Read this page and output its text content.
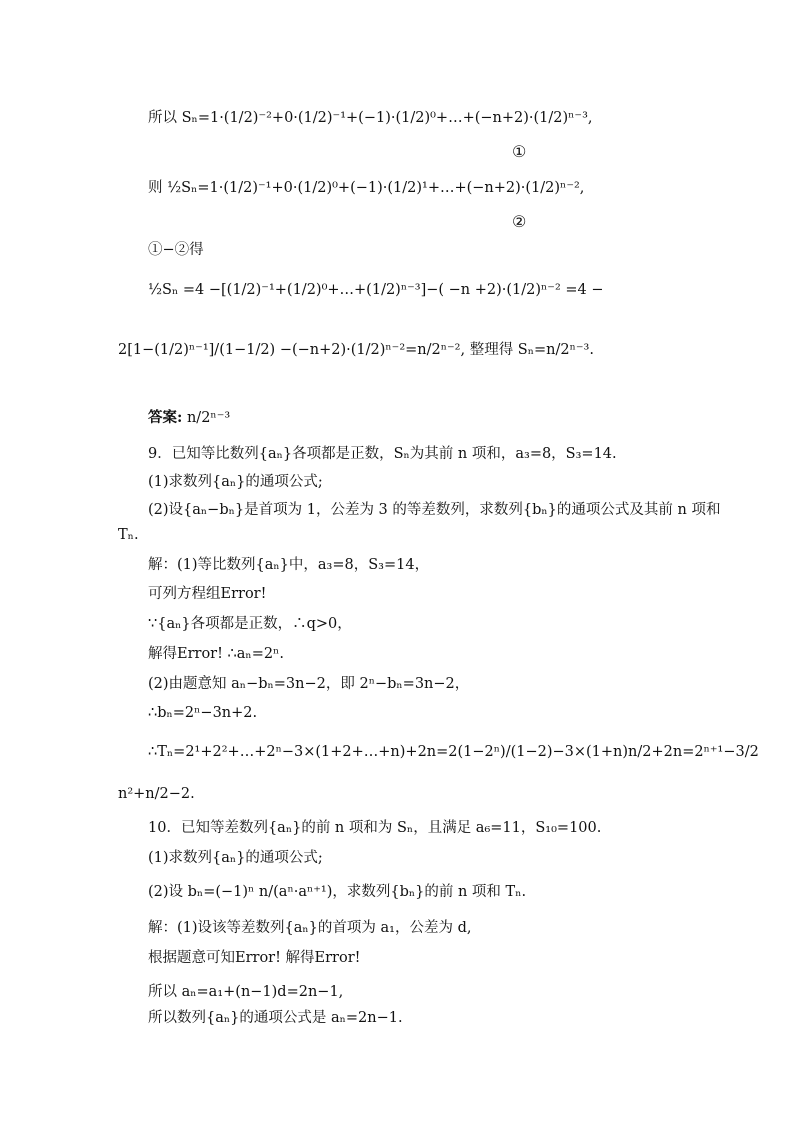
所以 Sₙ=1·(1/2)⁻²+0·(1/2)⁻¹+(−1)·(1/2)⁰+…+(−n+2)·(1/2)ⁿ⁻³,
①
则 ½Sₙ=1·(1/2)⁻¹+0·(1/2)⁰+(−1)·(1/2)¹+…+(−n+2)·(1/2)ⁿ⁻²,
②
①−②得
½Sₙ =4 −[(1/2)⁻¹+(1/2)⁰+…+(1/2)ⁿ⁻³]−( −n +2)·(1/2)ⁿ⁻² =4 −
2[1−(1/2)ⁿ⁻¹]/(1−1/2) −(−n+2)·(1/2)ⁿ⁻²=n/2ⁿ⁻², 整理得 Sₙ=n/2ⁿ⁻³.
答案: n/2ⁿ⁻³
9．已知等比数列{aₙ}各项都是正数，Sₙ为其前 n 项和，a₃=8，S₃=14.
(1)求数列{aₙ}的通项公式;
(2)设{aₙ−bₙ}是首项为 1，公差为 3 的等差数列，求数列{bₙ}的通项公式及其前 n 项和
Tₙ.
解：(1)等比数列{aₙ}中，a₃=8，S₃=14，
可列方程组Error!
∵{aₙ}各项都是正数，∴q>0，
解得Error! ∴aₙ=2ⁿ.
(2)由题意知 aₙ−bₙ=3n−2，即 2ⁿ−bₙ=3n−2，
∴bₙ=2ⁿ−3n+2.
∴Tₙ=2¹+2²+…+2ⁿ−3×(1+2+…+n)+2n=2(1−2ⁿ)/(1−2)−3×(1+n)n/2+2n=2ⁿ⁺¹−3/2
n²+n/2−2.
10．已知等差数列{aₙ}的前 n 项和为 Sₙ，且满足 a₆=11，S₁₀=100.
(1)求数列{aₙ}的通项公式;
(2)设 bₙ=(−1)ⁿ n/(aⁿ·aⁿ⁺¹)，求数列{bₙ}的前 n 项和 Tₙ.
解：(1)设该等差数列{aₙ}的首项为 a₁，公差为 d,
根据题意可知Error! 解得Error!
所以 aₙ=a₁+(n−1)d=2n−1,
所以数列{aₙ}的通项公式是 aₙ=2n−1.
